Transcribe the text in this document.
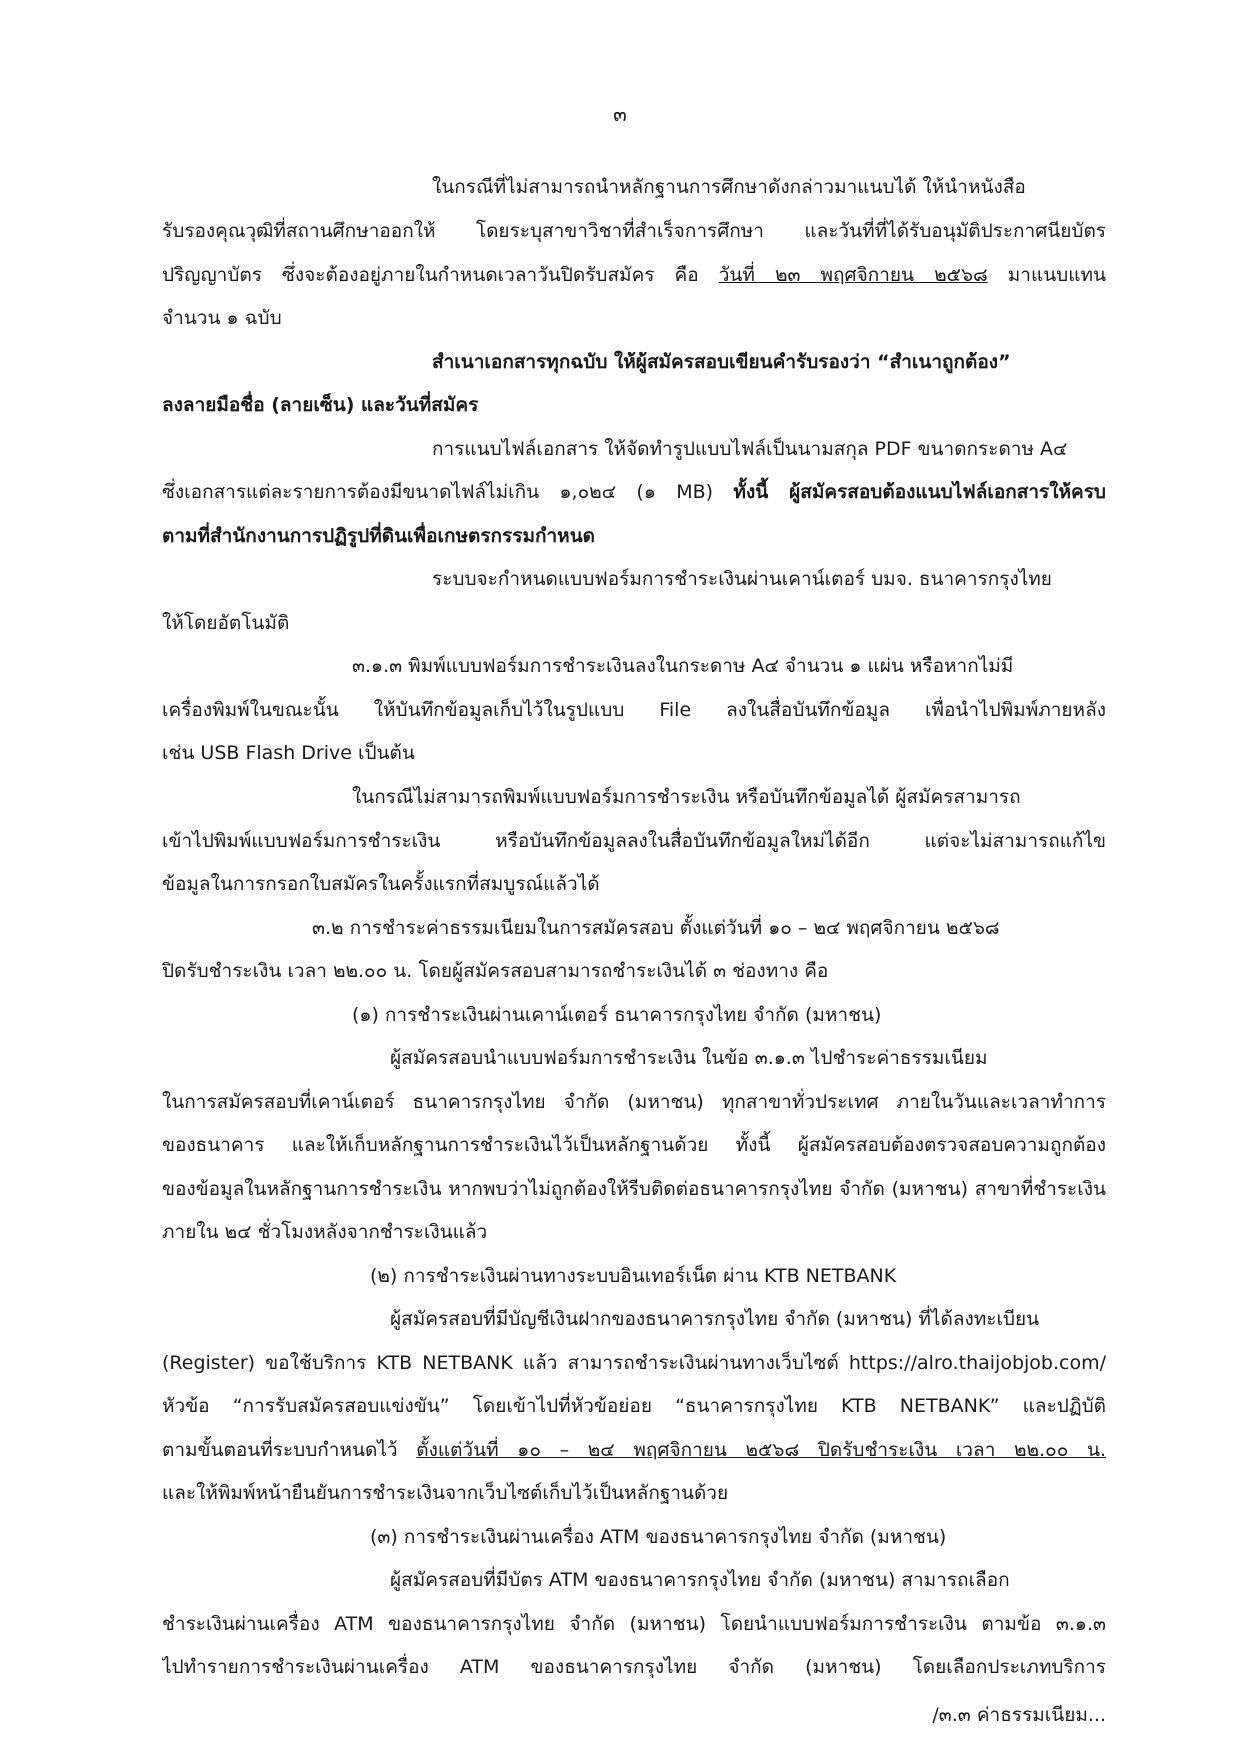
๓
ในกรณีที่ไม่สามารถนำหลักฐานการศึกษาดังกล่าวมาแนบได้ ให้นำหนังสือ
รับรองคุณวุฒิที่สถานศึกษาออกให้ โดยระบุสาขาวิชาที่สำเร็จการศึกษา และวันที่ที่ได้รับอนุมัติประกาศนียบัตร
ปริญญาบัตร ซึ่งจะต้องอยู่ภายในกำหนดเวลาวันปิดรับสมัคร คือ วันที่ ๒๓ พฤศจิกายน ๒๕๖๘ มาแนบแทน
จำนวน ๑ ฉบับ
สำเนาเอกสารทุกฉบับ ให้ผู้สมัครสอบเขียนคำรับรองว่า “สำเนาถูกต้อง”
ลงลายมือชื่อ (ลายเซ็น) และวันที่สมัคร
การแนบไฟล์เอกสาร ให้จัดทำรูปแบบไฟล์เป็นนามสกุล PDF ขนาดกระดาษ A๔
ซึ่งเอกสารแต่ละรายการต้องมีขนาดไฟล์ไม่เกิน ๑,๐๒๔ (๑ MB) ทั้งนี้ ผู้สมัครสอบต้องแนบไฟล์เอกสารให้ครบ
ตามที่สำนักงานการปฏิรูปที่ดินเพื่อเกษตรกรรมกำหนด
ระบบจะกำหนดแบบฟอร์มการชำระเงินผ่านเคาน์เตอร์ บมจ. ธนาคารกรุงไทย
ให้โดยอัตโนมัติ
๓.๑.๓ พิมพ์แบบฟอร์มการชำระเงินลงในกระดาษ A๔ จำนวน ๑ แผ่น หรือหากไม่มี
เครื่องพิมพ์ในขณะนั้น ให้บันทึกข้อมูลเก็บไว้ในรูปแบบ File ลงในสื่อบันทึกข้อมูล เพื่อนำไปพิมพ์ภายหลัง
เช่น USB Flash Drive เป็นต้น
ในกรณีไม่สามารถพิมพ์แบบฟอร์มการชำระเงิน หรือบันทึกข้อมูลได้ ผู้สมัครสามารถ
เข้าไปพิมพ์แบบฟอร์มการชำระเงิน หรือบันทึกข้อมูลลงในสื่อบันทึกข้อมูลใหม่ได้อีก แต่จะไม่สามารถแก้ไข
ข้อมูลในการกรอกใบสมัครในครั้งแรกที่สมบูรณ์แล้วได้
๓.๒ การชำระค่าธรรมเนียมในการสมัครสอบ ตั้งแต่วันที่ ๑๐ – ๒๔ พฤศจิกายน ๒๕๖๘
ปิดรับชำระเงิน เวลา ๒๒.๐๐ น. โดยผู้สมัครสอบสามารถชำระเงินได้ ๓ ช่องทาง คือ
(๑) การชำระเงินผ่านเคาน์เตอร์ ธนาคารกรุงไทย จำกัด (มหาชน)
ผู้สมัครสอบนำแบบฟอร์มการชำระเงิน ในข้อ ๓.๑.๓ ไปชำระค่าธรรมเนียม
ในการสมัครสอบที่เคาน์เตอร์ ธนาคารกรุงไทย จำกัด (มหาชน) ทุกสาขาทั่วประเทศ ภายในวันและเวลาทำการ
ของธนาคาร และให้เก็บหลักฐานการชำระเงินไว้เป็นหลักฐานด้วย ทั้งนี้ ผู้สมัครสอบต้องตรวจสอบความถูกต้อง
ของข้อมูลในหลักฐานการชำระเงิน หากพบว่าไม่ถูกต้องให้รีบติดต่อธนาคารกรุงไทย จำกัด (มหาชน) สาขาที่ชำระเงิน
ภายใน ๒๔ ชั่วโมงหลังจากชำระเงินแล้ว
(๒) การชำระเงินผ่านทางระบบอินเทอร์เน็ต ผ่าน KTB NETBANK
ผู้สมัครสอบที่มีบัญชีเงินฝากของธนาคารกรุงไทย จำกัด (มหาชน) ที่ได้ลงทะเบียน
(Register) ขอใช้บริการ KTB NETBANK แล้ว สามารถชำระเงินผ่านทางเว็บไซต์ https://alro.thaijobjob.com/
หัวข้อ “การรับสมัครสอบแข่งขัน” โดยเข้าไปที่หัวข้อย่อย “ธนาคารกรุงไทย KTB NETBANK” และปฏิบัติ
ตามขั้นตอนที่ระบบกำหนดไว้ ตั้งแต่วันที่ ๑๐ – ๒๔ พฤศจิกายน ๒๕๖๘ ปิดรับชำระเงิน เวลา ๒๒.๐๐ น.
และให้พิมพ์หน้ายืนยันการชำระเงินจากเว็บไซต์เก็บไว้เป็นหลักฐานด้วย
(๓) การชำระเงินผ่านเครื่อง ATM ของธนาคารกรุงไทย จำกัด (มหาชน)
ผู้สมัครสอบที่มีบัตร ATM ของธนาคารกรุงไทย จำกัด (มหาชน) สามารถเลือก
ชำระเงินผ่านเครื่อง ATM ของธนาคารกรุงไทย จำกัด (มหาชน) โดยนำแบบฟอร์มการชำระเงิน ตามข้อ ๓.๑.๓
ไปทำรายการชำระเงินผ่านเครื่อง ATM ของธนาคารกรุงไทย จำกัด (มหาชน) โดยเลือกประเภทบริการ
/๓.๓ ค่าธรรมเนียม...
